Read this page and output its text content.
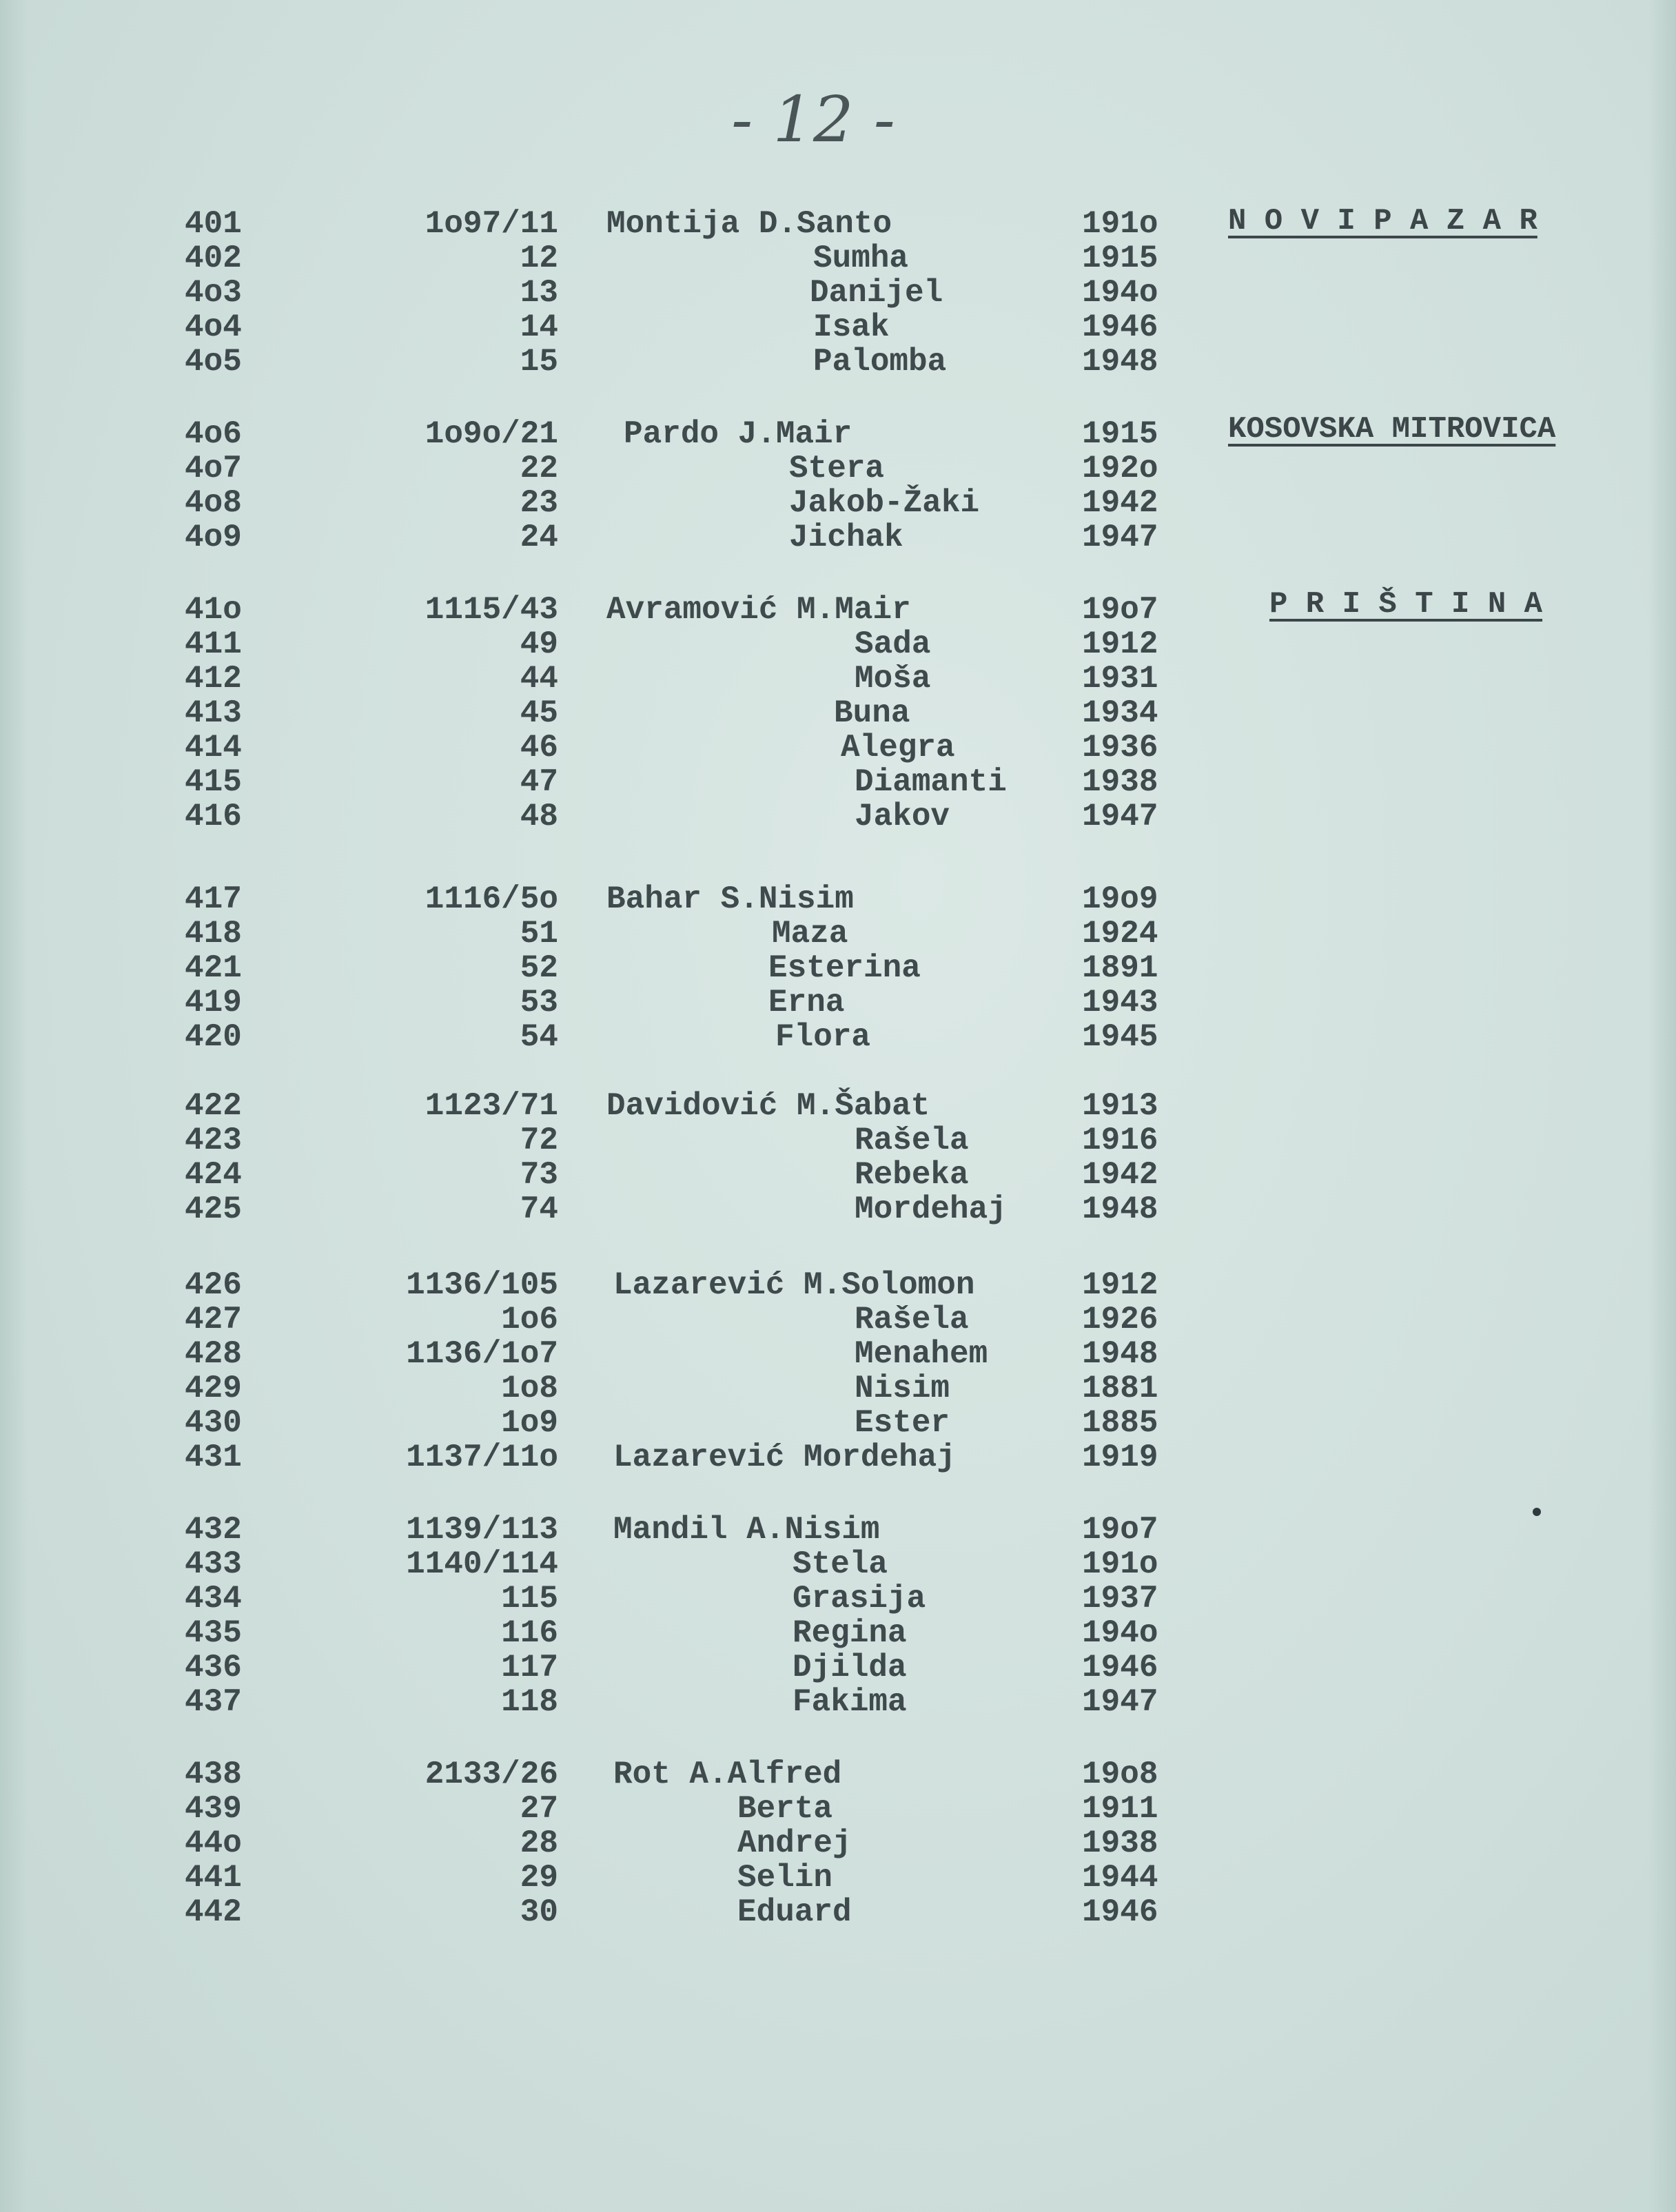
- 12 -
N O V I P A Z A R
KOSOVSKA MITROVICA
P R I Š T I N A
401	1o97/11 Montija D.Santo	191o
402	12	Sumha	1915
4o3	13	Danijel	194o
4o4	14	Isak	1946
4o5	15	Palomba	1948
4o6	1o9o/21 Pardo J.Mair	1915
4o7	22	Stera	192o
4o8	23	Jakob-Žaki	1942
4o9	24	Jichak	1947
41o	1115/43 Avramović M.Mair	19o7
411	49	Sada	1912
412	44	Moša	1931
413	45	Buna	1934
414	46	Alegra	1936
415	47	Diamanti 1938
416	48	Jakov	1947
417	1116/5o Bahar S.Nisim	19o9
418	51	Maza	1924
421	52	Esterina	1891
419	53	Erna	1943
420	54	Flora	1945
422	1123/71 Davidović M.Šabat	1913
423	72	Rašela	1916
424	73	Rebeka	1942
425	74	Mordehaj 1948
426	1136/105 Lazarević M.Solomon	1912
427	1o6	Rašela	1926
428	1136/1o7	Menahem	1948
429	1o8	Nisim	1881
430	1o9	Ester	1885
431	1137/11o Lazarević Mordehaj	1919
432	1139/113 Mandil A.Nisim	19o7
433	1140/114	Stela	191o
434	115	Grasija	1937
435	116	Regina	194o
436	117	Djilda	1946
437	118	Fakima	1947
438	2133/26 Rot A.Alfred	19o8
439	27	Berta	1911
44o	28	Andrej	1938
441	29	Selin	1944
442	30	Eduard	1946
